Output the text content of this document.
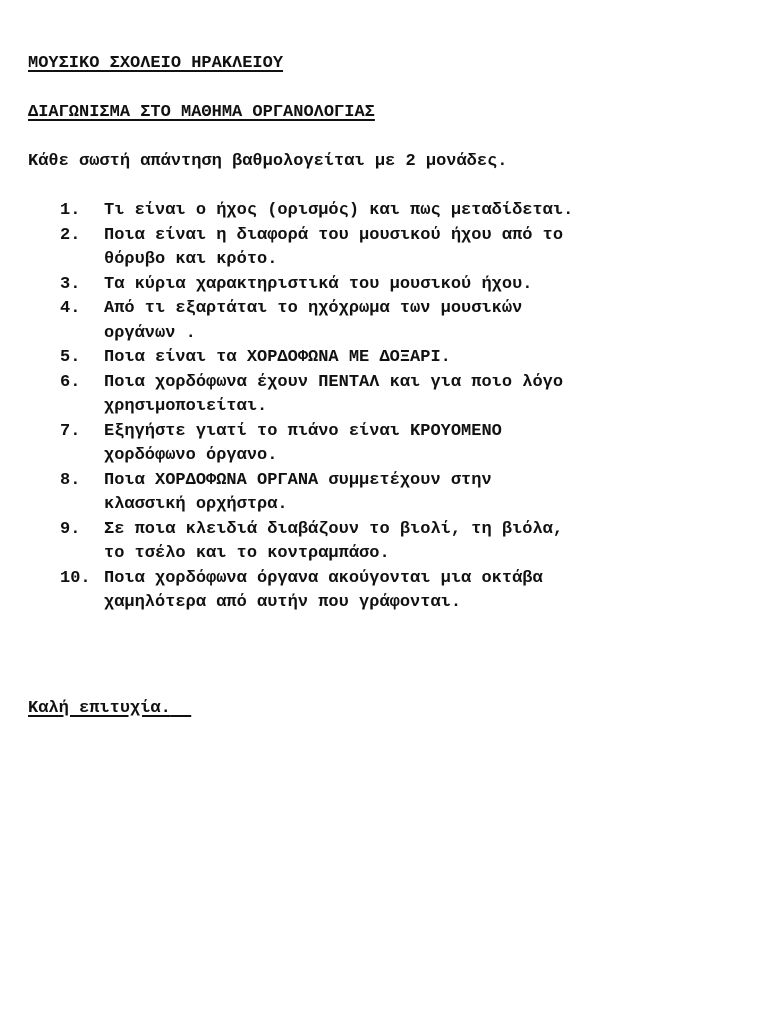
ΜΟΥΣΙΚΟ ΣΧΟΛΕΙΟ ΗΡΑΚΛΕΙΟΥ

ΔΙΑΓΩΝΙΣΜΑ ΣΤΟ ΜΑΘΗΜΑ ΟΡΓΑΝΟΛΟΓΙΑΣ

Κάθε σωστή απάντηση βαθμολογείται με 2 μονάδες.

1.	Τι είναι ο ήχος (ορισμός) και πως μεταδίδεται.
2.	Ποια είναι η διαφορά του μουσικού ήχου από το
θόρυβο και κρότο.
3.	Τα κύρια χαρακτηριστικά του μουσικού ήχου.
4.	Από τι εξαρτάται το ηχόχρωμα των μουσικών
οργάνων .
5.	Ποια είναι τα ΧΟΡΔΟΦΩΝΑ ΜΕ ΔΟΞΑΡΙ.
6.	Ποια χορδόφωνα έχουν ΠΕΝΤΑΛ και για ποιο λόγο
χρησιμοποιείται.
7.	Εξηγήστε γιατί το πιάνο είναι ΚΡΟΥΟΜΕΝΟ
χορδόφωνο όργανο.
8.	Ποια ΧΟΡΔΟΦΩΝΑ ΟΡΓΑΝΑ συμμετέχουν στην
κλασσική ορχήστρα.
9.	Σε ποια κλειδιά διαβάζουν το βιολί, τη βιόλα,
το τσέλο και το κοντραμπάσο.
10. Ποια χορδόφωνα όργανα ακούγονται μια οκτάβα
χαμηλότερα από αυτήν που γράφονται.

Καλή επιτυχία.
